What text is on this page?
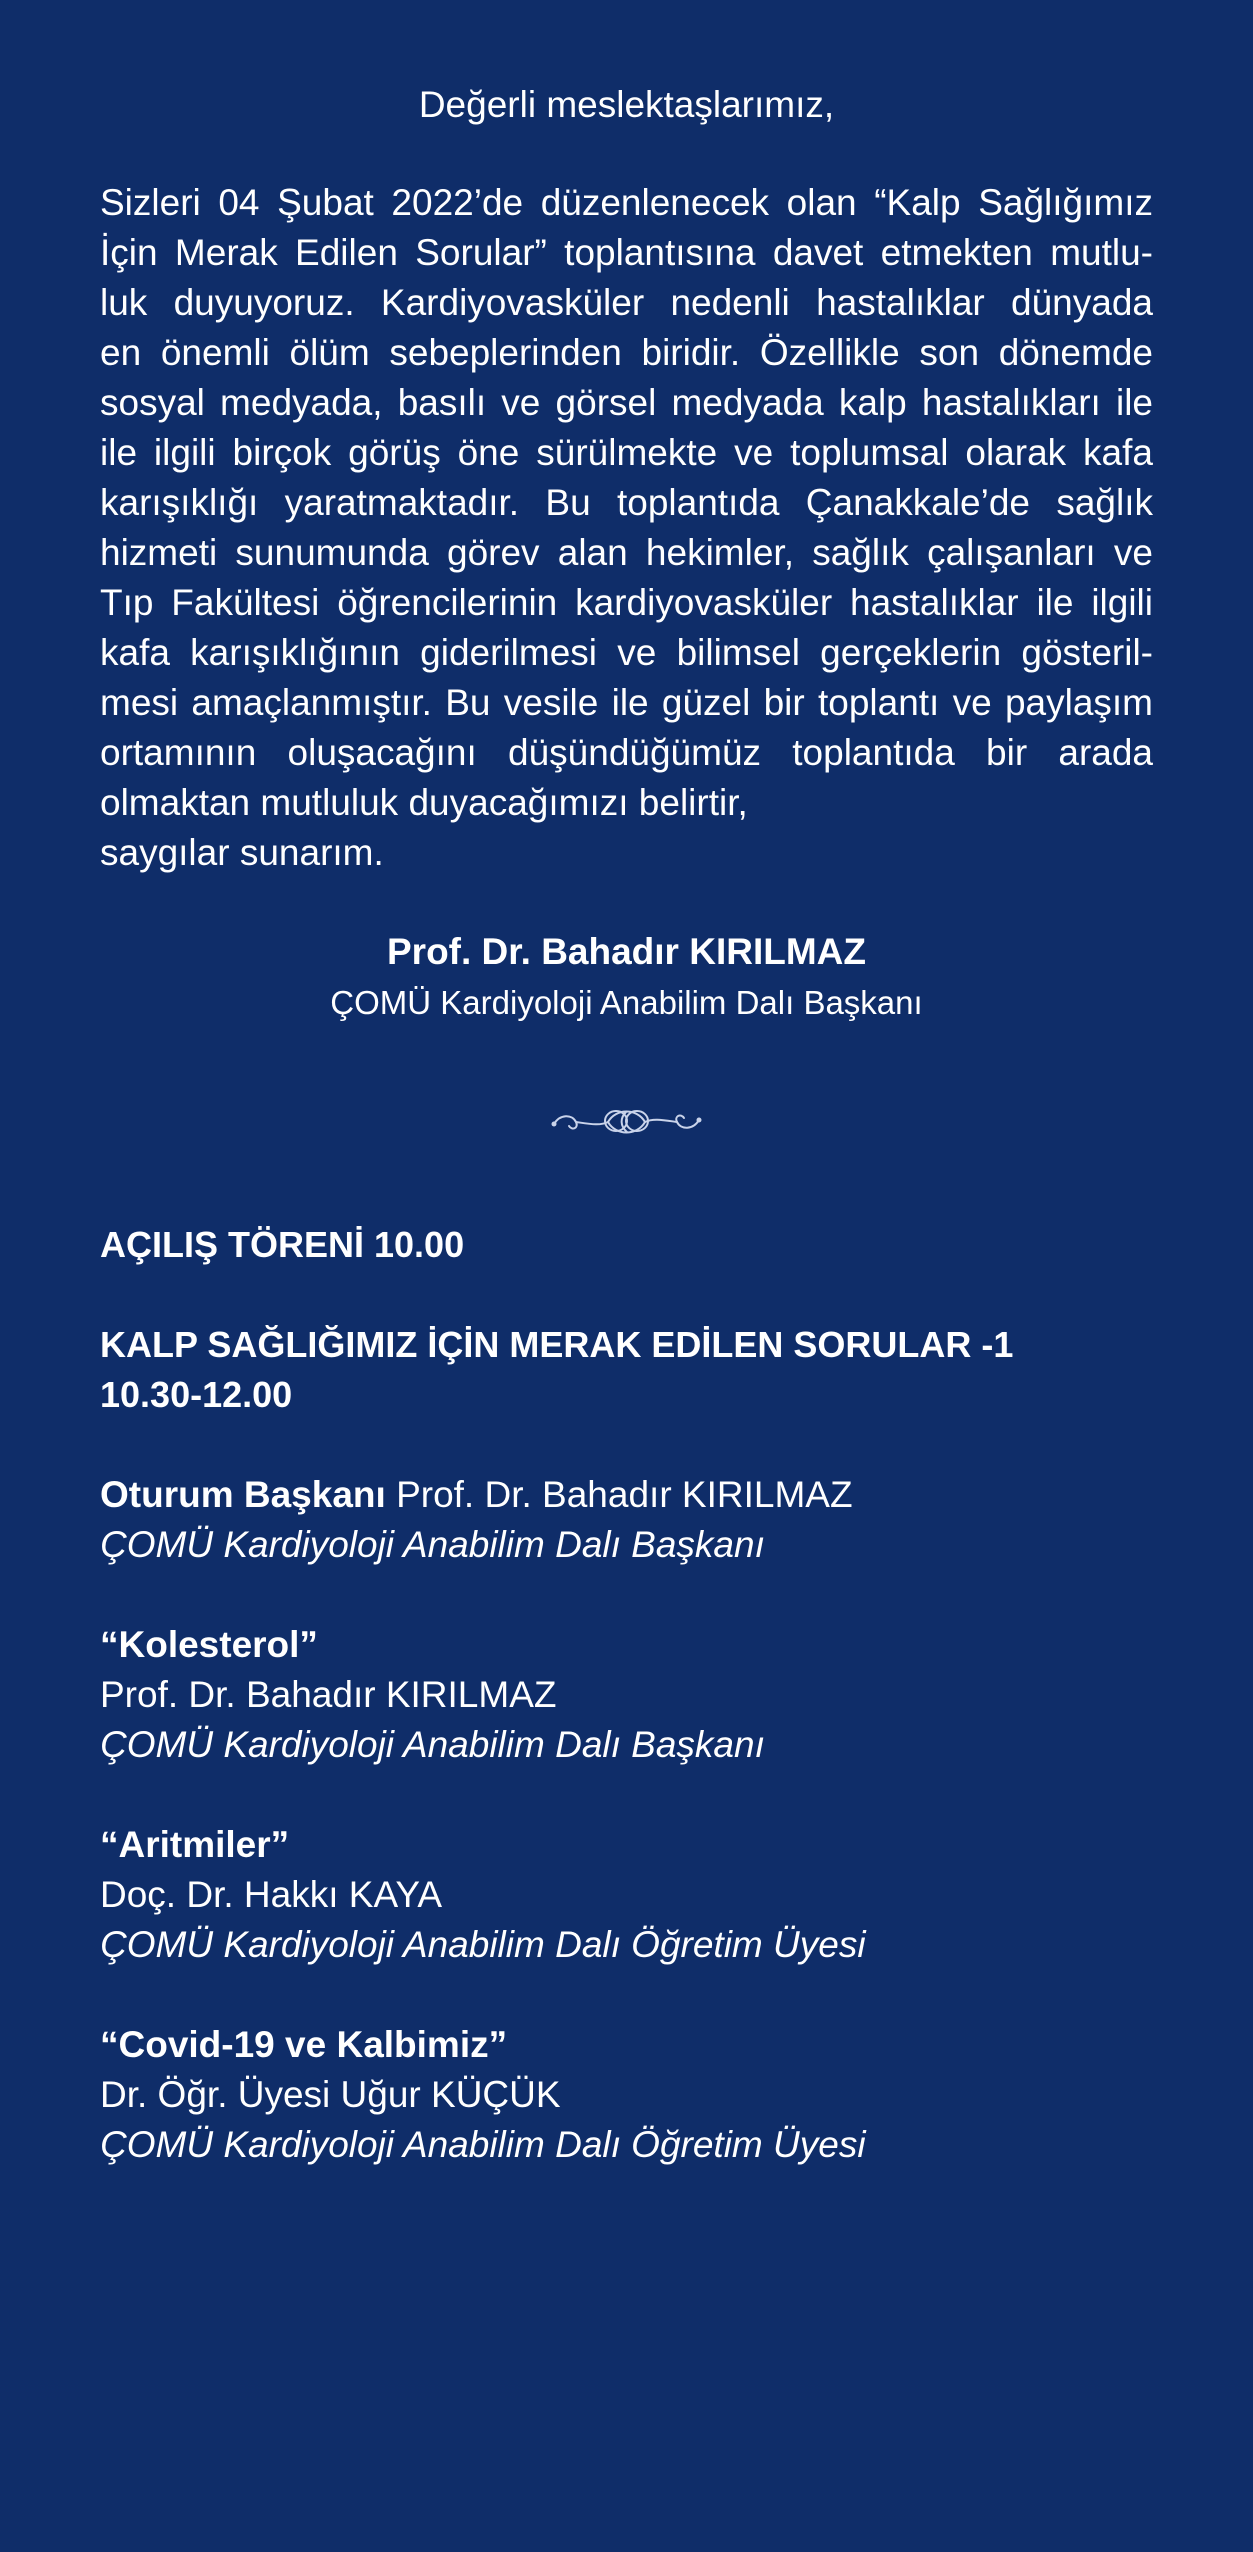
Değerli meslektaşlarımız,
Sizleri 04 Şubat 2022’de düzenlenecek olan “Kalp Sağlığımız
İçin Merak Edilen Sorular” toplantısına davet etmekten mutlu-
luk duyuyoruz. Kardiyovasküler nedenli hastalıklar dünyada
en önemli ölüm sebeplerinden biridir. Özellikle son dönemde
sosyal medyada, basılı ve görsel medyada kalp hastalıkları ile
ile ilgili birçok görüş öne sürülmekte ve toplumsal olarak kafa
karışıklığı yaratmaktadır. Bu toplantıda Çanakkale’de sağlık
hizmeti sunumunda görev alan hekimler, sağlık çalışanları ve
Tıp Fakültesi öğrencilerinin kardiyovasküler hastalıklar ile ilgili
kafa karışıklığının giderilmesi ve bilimsel gerçeklerin gösteril-
mesi amaçlanmıştır. Bu vesile ile güzel bir toplantı ve paylaşım
ortamının oluşacağını düşündüğümüz toplantıda bir arada
olmaktan mutluluk duyacağımızı belirtir,
saygılar sunarım.
Prof. Dr. Bahadır KIRILMAZ
ÇOMÜ Kardiyoloji Anabilim Dalı Başkanı

AÇILIŞ TÖRENİ 10.00

KALP SAĞLIĞIMIZ İÇİN MERAK EDİLEN SORULAR -1

10.30-12.00

Oturum Başkanı Prof. Dr. Bahadır KIRILMAZ

ÇOMÜ Kardiyoloji Anabilim Dalı Başkanı

“Kolesterol”

Prof. Dr. Bahadır KIRILMAZ

ÇOMÜ Kardiyoloji Anabilim Dalı Başkanı

“Aritmiler”

Doç. Dr. Hakkı KAYA

ÇOMÜ Kardiyoloji Anabilim Dalı Öğretim Üyesi

“Covid-19 ve Kalbimiz”

Dr. Öğr. Üyesi Uğur KÜÇÜK

ÇOMÜ Kardiyoloji Anabilim Dalı Öğretim Üyesi
